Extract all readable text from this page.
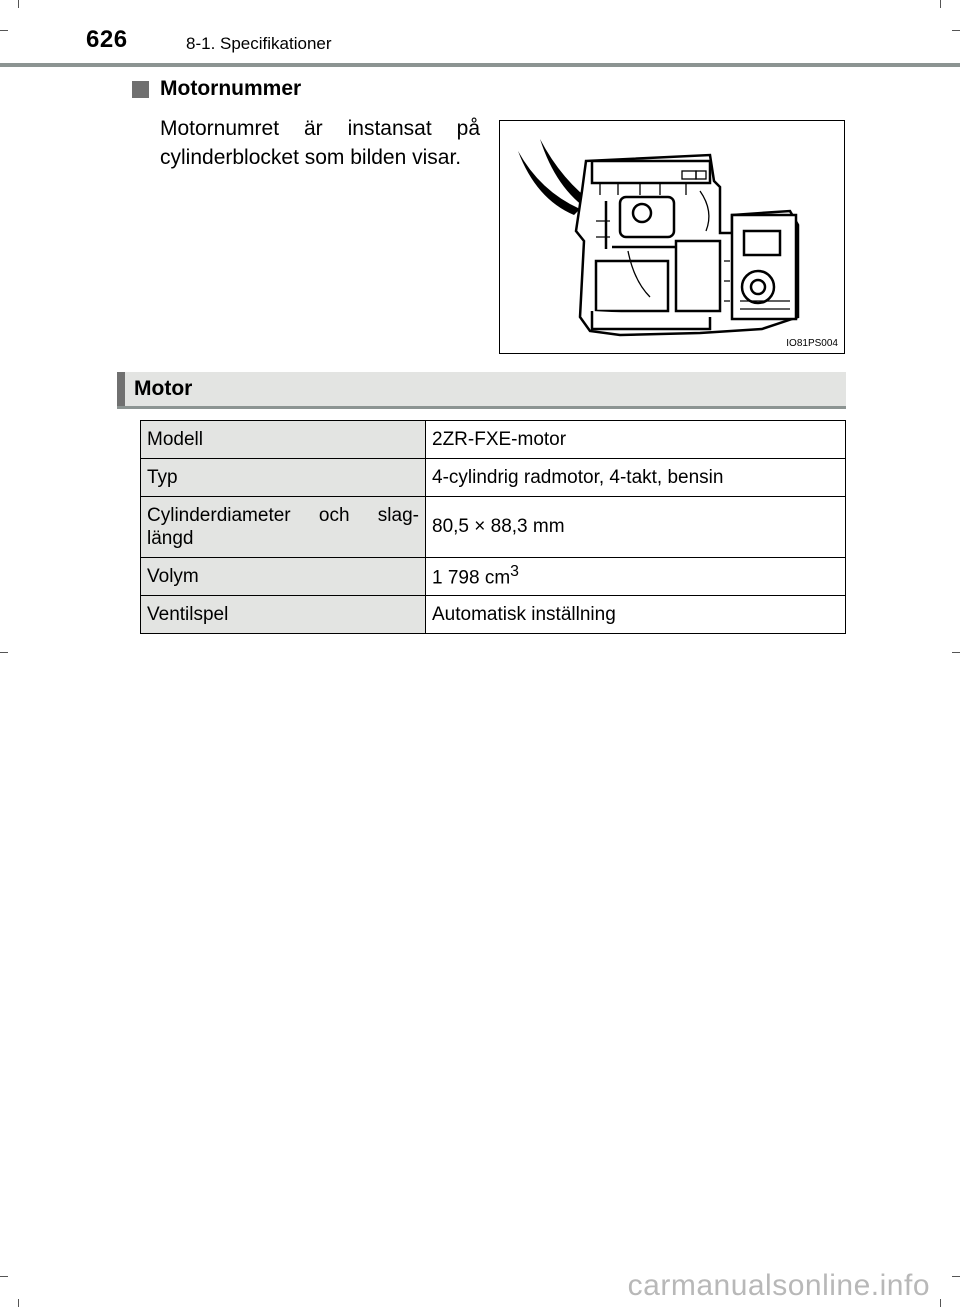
626	8-1. Specifikationer
Motornummer
Motornumret är instansat på cylinderblocket som bilden visar.
IO81PS004
Motor
Modell	2ZR-FXE-motor
Typ	4-cylindrig radmotor, 4-takt, bensin
Cylinderdiameter och slag-längd	80,5 × 88,3 mm
Volym	1 798 $cm^3$
Ventilspel	Automatisk inställning
carmanualsonline.info
